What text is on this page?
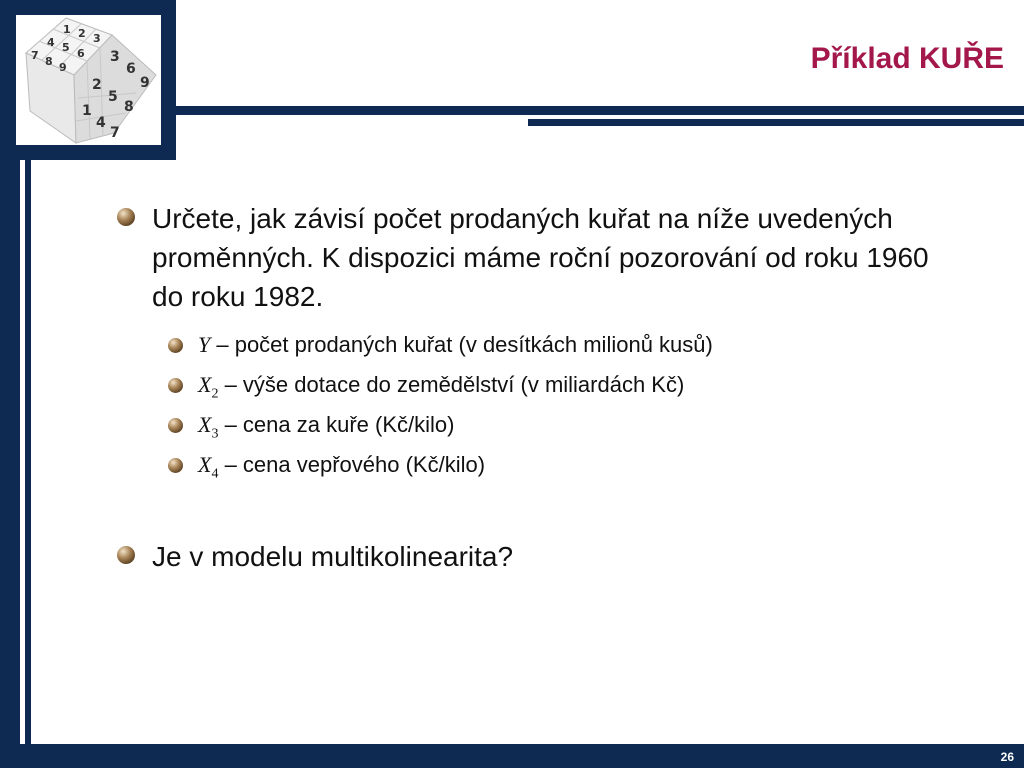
1 2 3
4 5 6
7 8 9
3
6
9
2
5
8
1
4
7
26
Příklad KUŘE
Určete, jak závisí počet prodaných kuřat na níže uvedených proměnných. K dispozici máme roční pozorování od roku 1960 do roku 1982.
Y – počet prodaných kuřat (v desítkách milionů kusů)
$X_2$ – výše dotace do zemědělství (v miliardách Kč)
$X_3$ – cena za kuře (Kč/kilo)
$X_4$ – cena vepřového (Kč/kilo)
Je v modelu multikolinearita?
